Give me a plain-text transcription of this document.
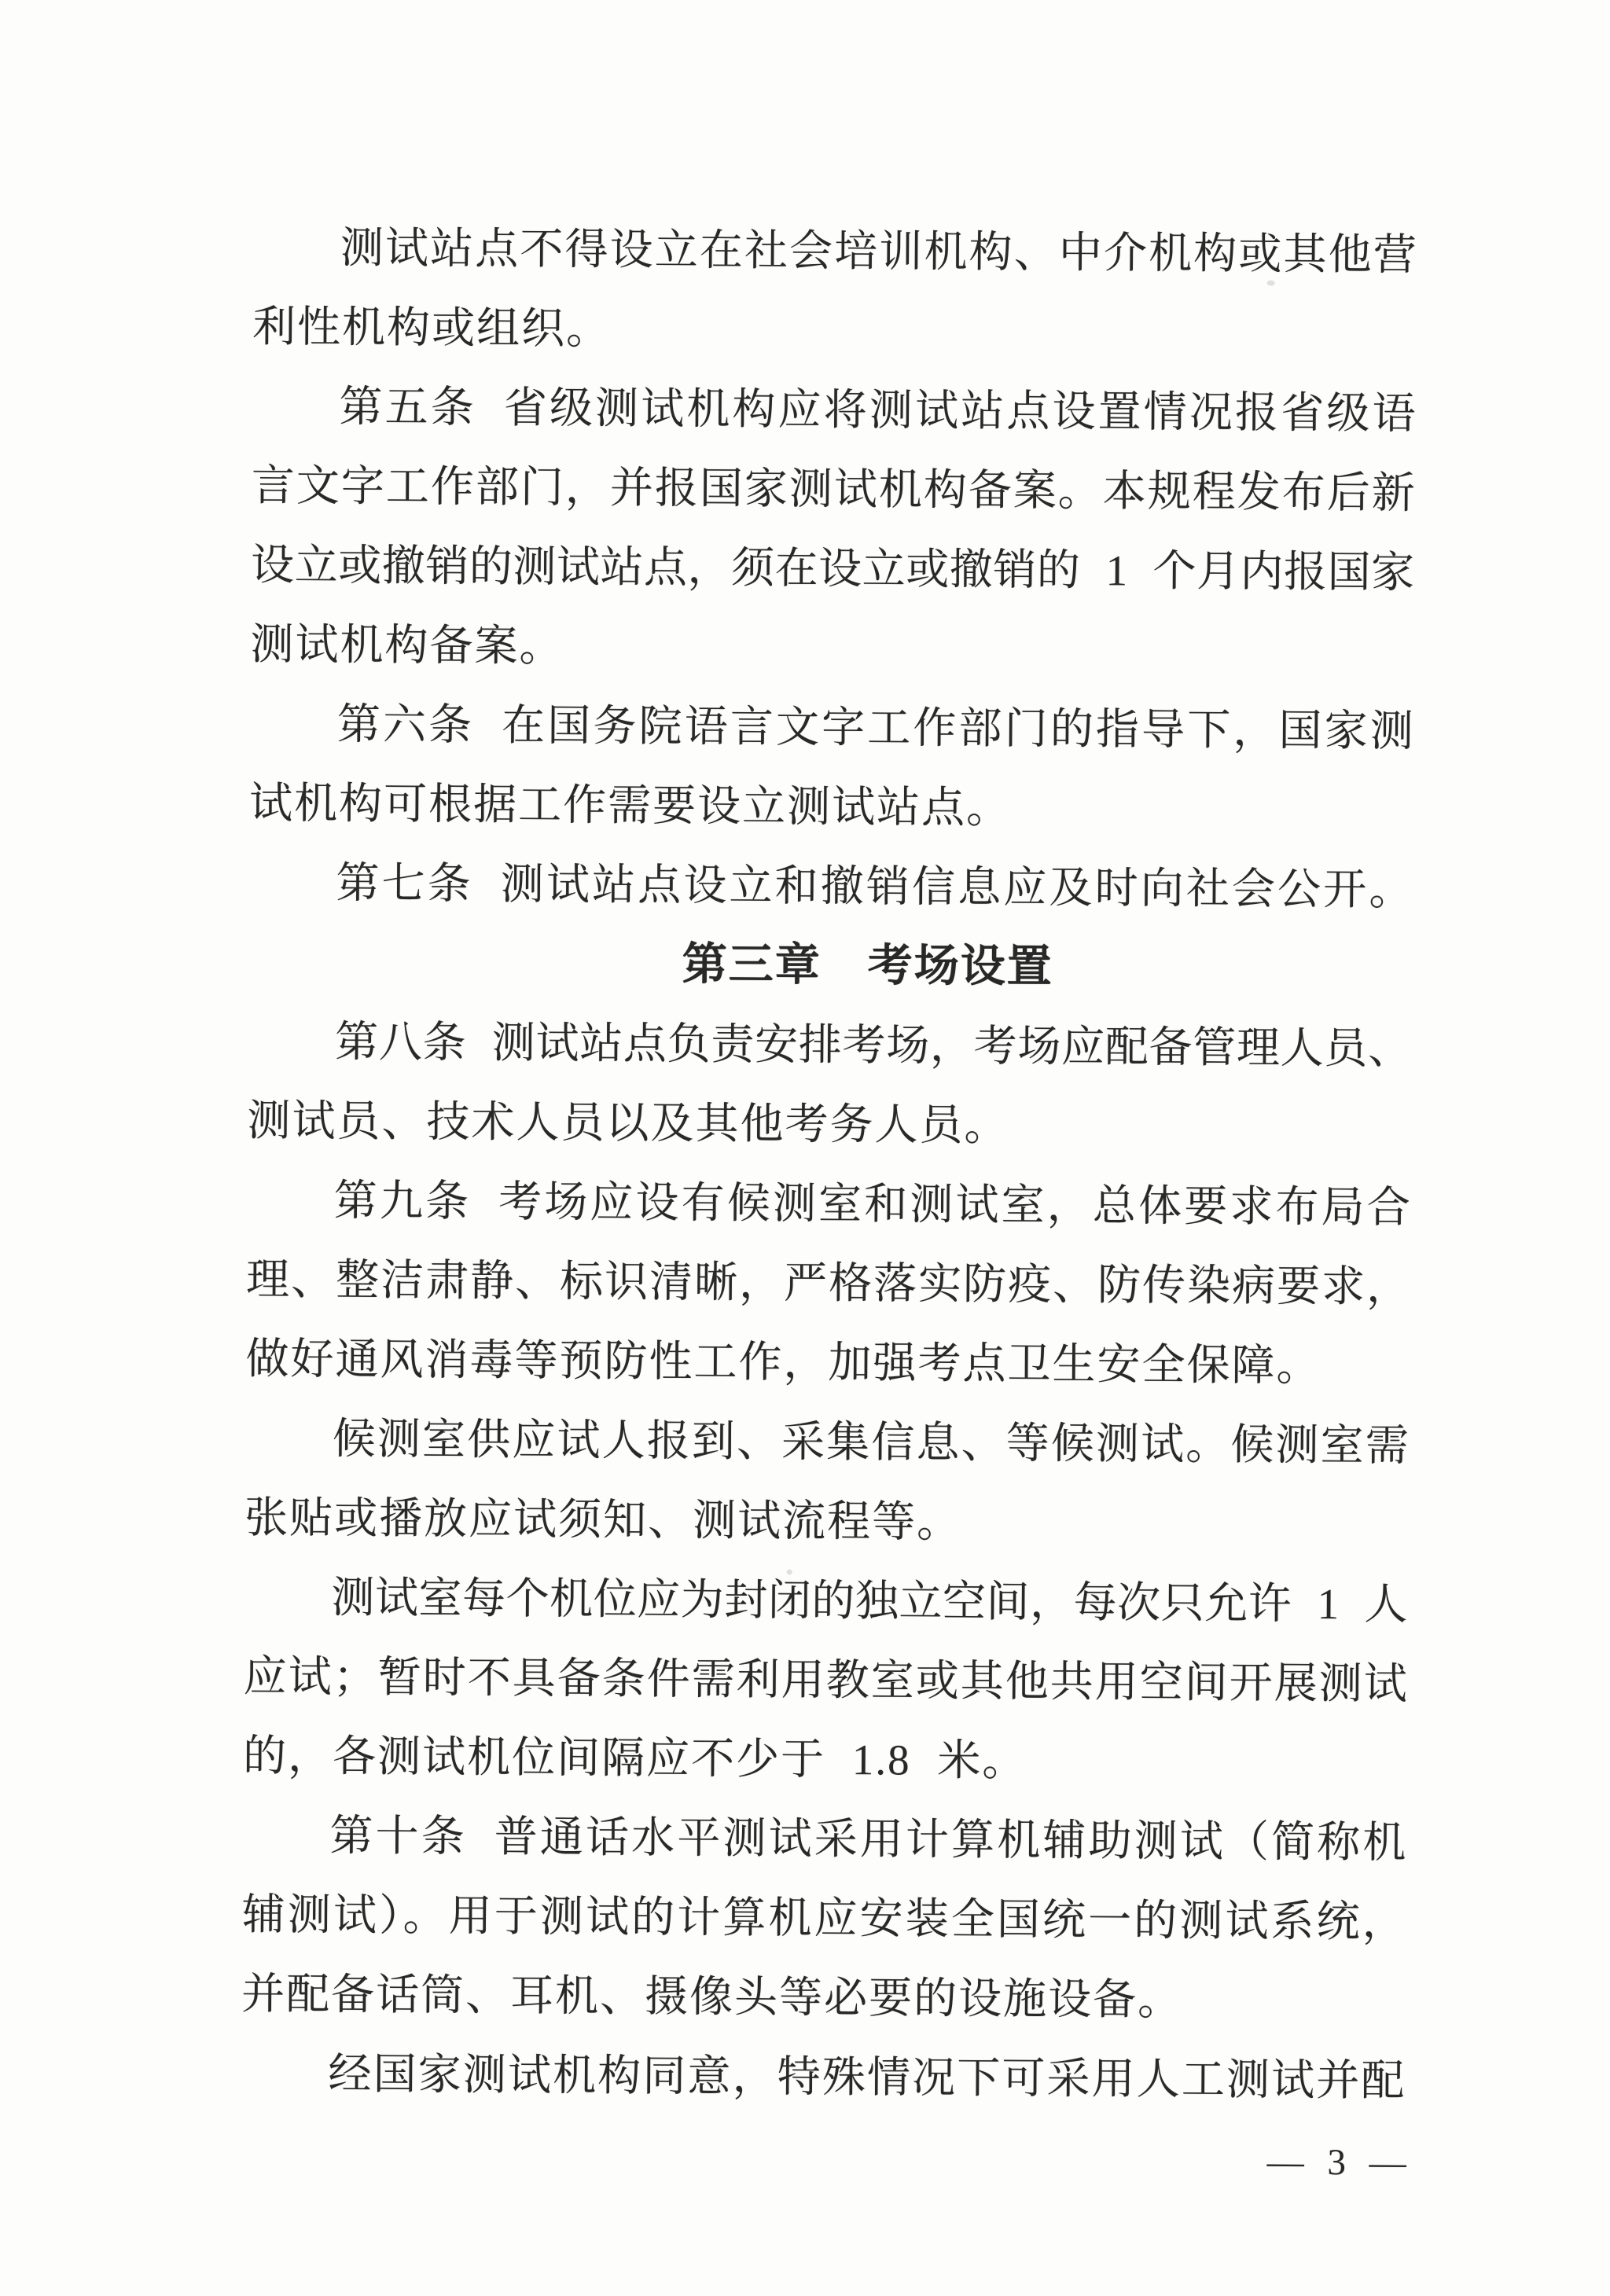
测试站点不得设立在社会培训机构、中介机构或其他营
利性机构或组织。
第五条 省级测试机构应将测试站点设置情况报省级语
言文字工作部门，并报国家测试机构备案。本规程发布后新
设立或撤销的测试站点，须在设立或撤销的 1 个月内报国家
测试机构备案。
第六条 在国务院语言文字工作部门的指导下，国家测
试机构可根据工作需要设立测试站点。
第七条 测试站点设立和撤销信息应及时向社会公开。
第三章　考场设置
第八条 测试站点负责安排考场，考场应配备管理人员、
测试员、技术人员以及其他考务人员。
第九条 考场应设有候测室和测试室，总体要求布局合
理、整洁肃静、标识清晰，严格落实防疫、防传染病要求，
做好通风消毒等预防性工作，加强考点卫生安全保障。
候测室供应试人报到、采集信息、等候测试。候测室需
张贴或播放应试须知、测试流程等。
测试室每个机位应为封闭的独立空间，每次只允许 1 人
应试；暂时不具备条件需利用教室或其他共用空间开展测试
的，各测试机位间隔应不少于 1.8 米。
第十条 普通话水平测试采用计算机辅助测试（简称机
辅测试）。用于测试的计算机应安装全国统一的测试系统，
并配备话筒、耳机、摄像头等必要的设施设备。
经国家测试机构同意，特殊情况下可采用人工测试并配
— 3 —
